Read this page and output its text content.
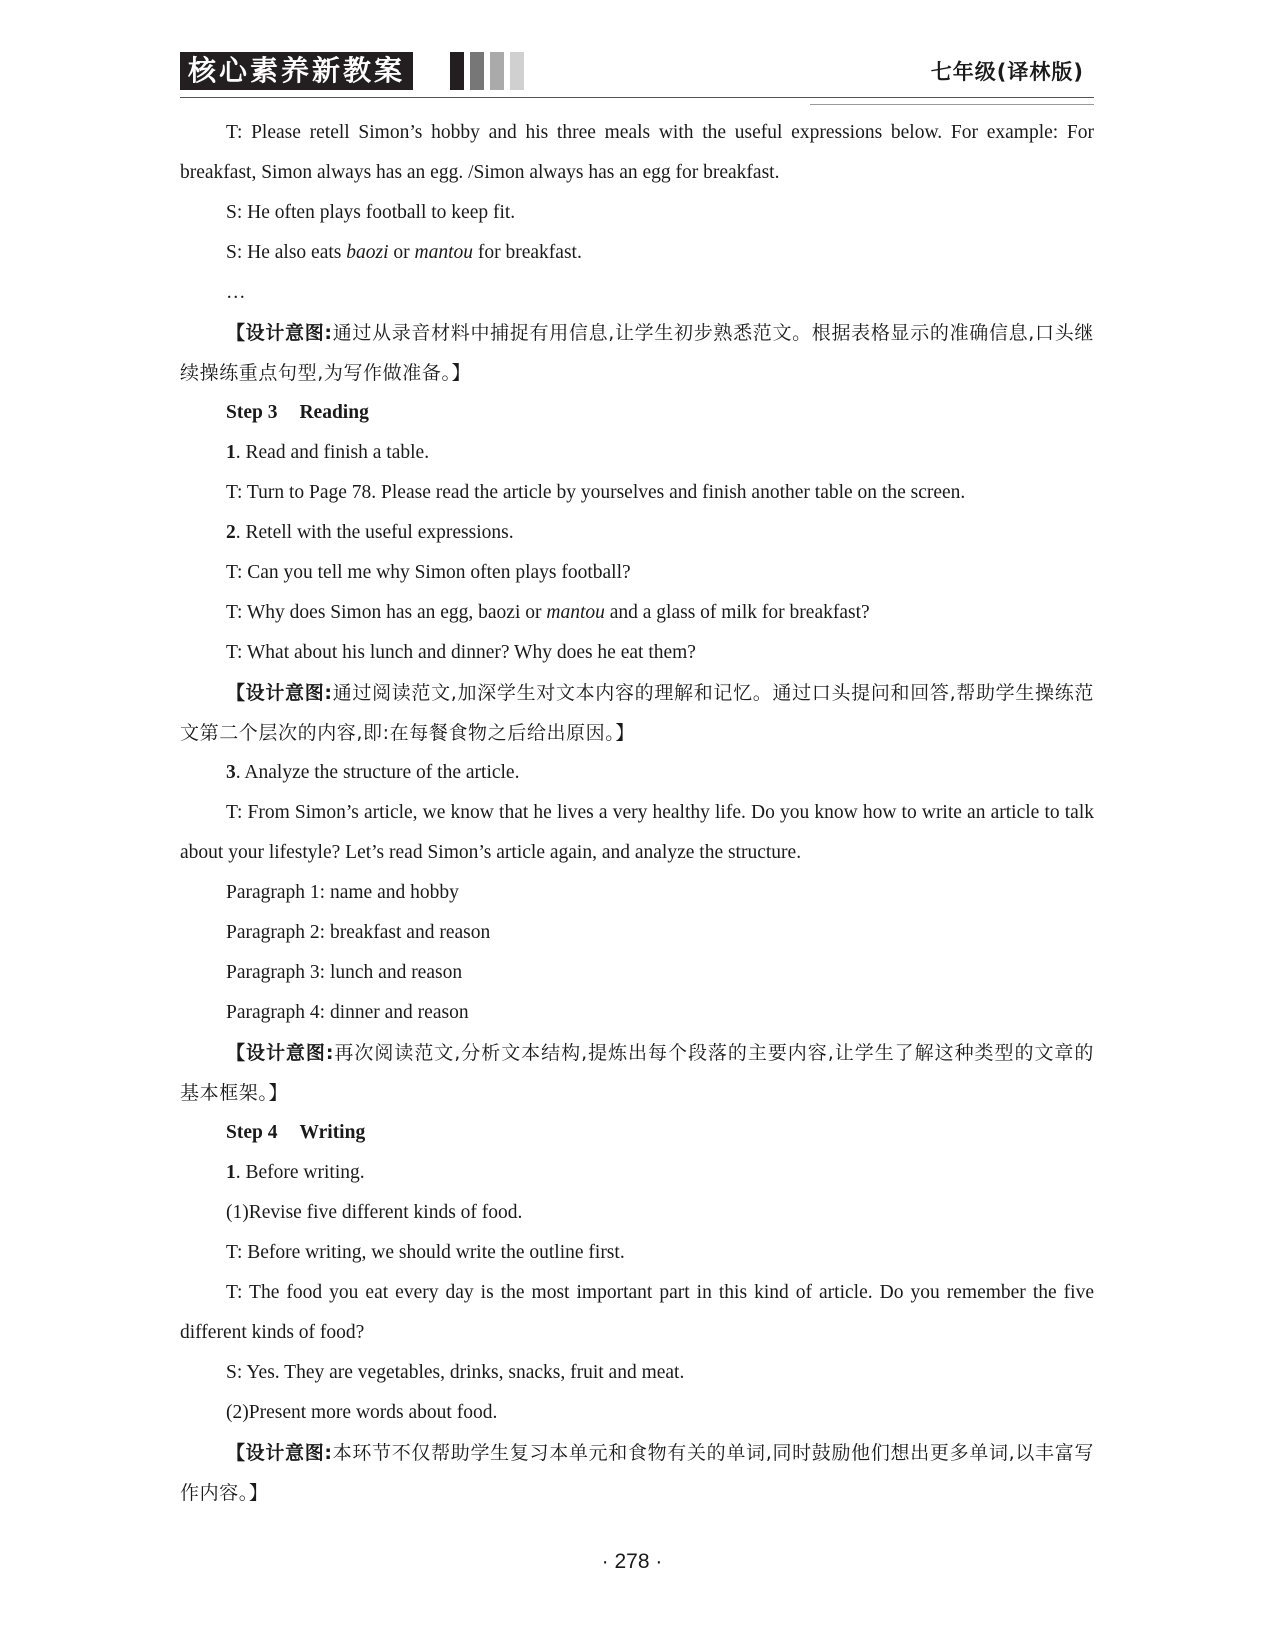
核心素养新教案	七年级(译林版)

T: Please retell Simon’s hobby and his three meals with the useful expressions below. For example: For breakfast, Simon always has an egg. /Simon always has an egg for breakfast.

S: He often plays football to keep fit.

S: He also eats baozi or mantou for breakfast.

…

【设计意图:通过从录音材料中捕捉有用信息,让学生初步熟悉范文。根据表格显示的准确信息,口头继续操练重点句型,为写作做准备。】

Step 3 Reading

1. Read and finish a table.

T: Turn to Page 78. Please read the article by yourselves and finish another table on the screen.

2. Retell with the useful expressions.

T: Can you tell me why Simon often plays football?

T: Why does Simon has an egg, baozi or mantou and a glass of milk for breakfast?

T: What about his lunch and dinner? Why does he eat them?

【设计意图:通过阅读范文,加深学生对文本内容的理解和记忆。通过口头提问和回答,帮助学生操练范文第二个层次的内容,即:在每餐食物之后给出原因。】

3. Analyze the structure of the article.

T: From Simon’s article, we know that he lives a very healthy life. Do you know how to write an article to talk about your lifestyle? Let’s read Simon’s article again, and analyze the structure.

Paragraph 1: name and hobby

Paragraph 2: breakfast and reason

Paragraph 3: lunch and reason

Paragraph 4: dinner and reason

【设计意图:再次阅读范文,分析文本结构,提炼出每个段落的主要内容,让学生了解这种类型的文章的基本框架。】

Step 4 Writing

1. Before writing.

(1)Revise five different kinds of food.

T: Before writing, we should write the outline first.

T: The food you eat every day is the most important part in this kind of article. Do you remember the five different kinds of food?

S: Yes. They are vegetables, drinks, snacks, fruit and meat.

(2)Present more words about food.

【设计意图:本环节不仅帮助学生复习本单元和食物有关的单词,同时鼓励他们想出更多单词,以丰富写作内容。】

· 278 ·
